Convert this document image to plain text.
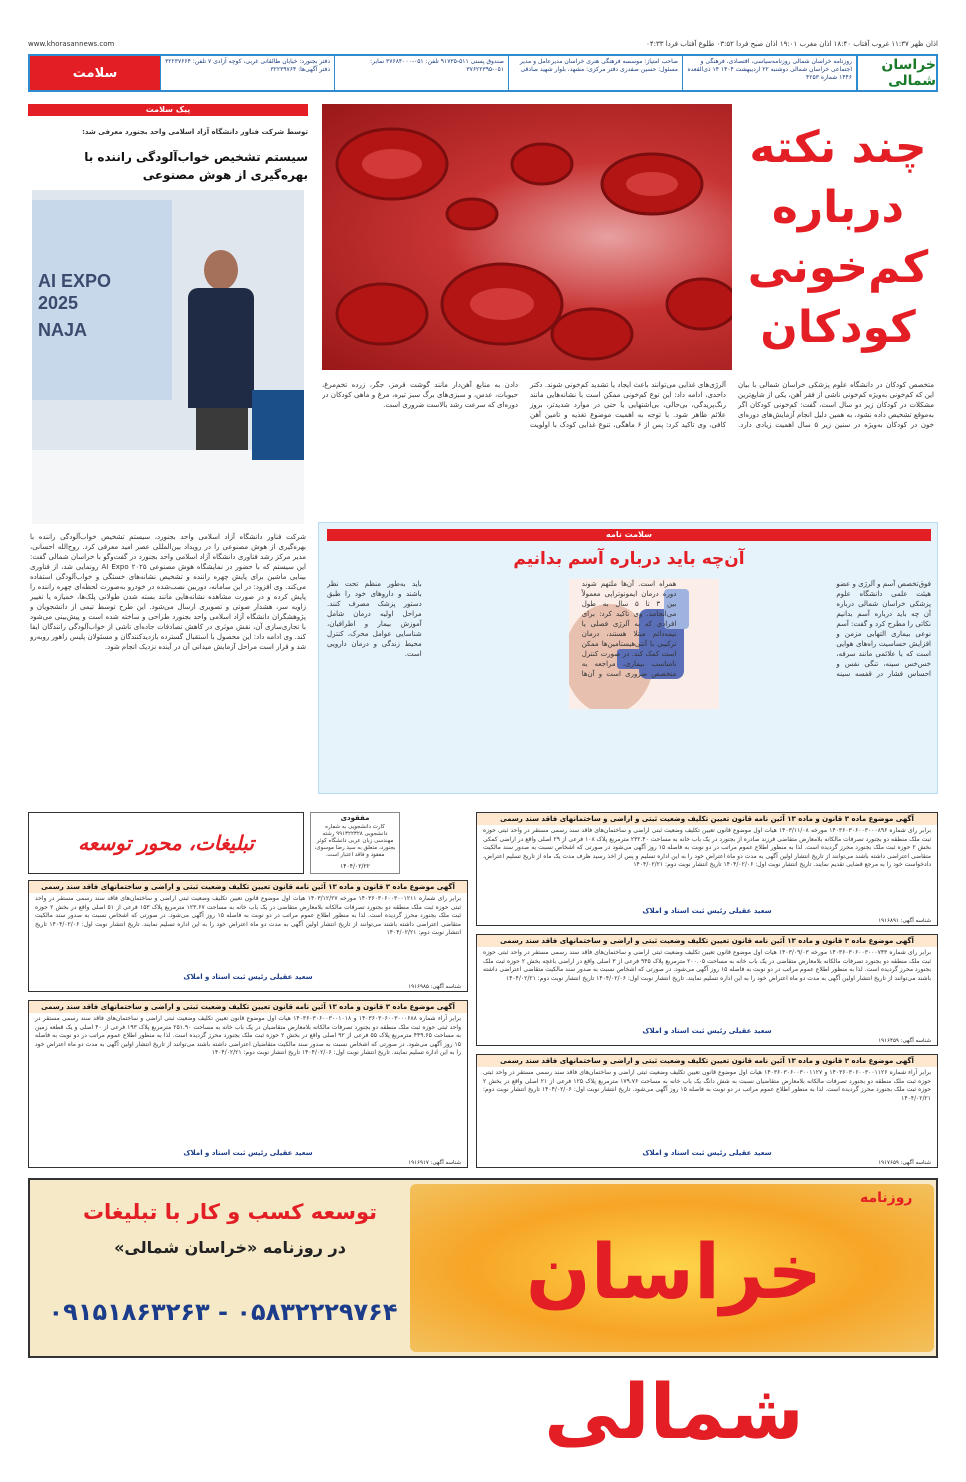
اذان ظهر ۱۱:۳۷ غروب آفتاب ۱۸:۴۰ اذان مغرب ۱۹:۰۱ اذان صبح فردا ۰۳:۵۲ طلوع آفتاب فردا ۰۴:۳۳
www.khorasannews.com
خراسان شمالی
روزنامه خراسان شمالی روزنامه‌سیاسی، اقتصادی، فرهنگی و اجتماعی خراسان شمالی دوشنبه ۲۲ اردیبهشت ۱۴۰۴ ۱۴ ذی‌القعده ۱۴۴۶ شماره ۴۲۵۳
صاحب امتیاز: موسسه فرهنگی هنری خراسان مدیرعامل و مدیر مسئول: حسین صفدری دفتر مرکزی: مشهد، بلوار شهید صادقی
صندوق پستی ۵۱۱-۹۱۷۳۵ تلفن: ۰۵۱-۳۷۶۸۴۰۰۰ نمابر: ۰۵۱-۳۷۶۲۲۳۹۵
دفتر بجنورد: خیابان طالقانی غربی، کوچه آزادی ۷ تلفن: ۳۲۲۳۷۶۶۴ دفتر آگهی‌ها: ۳۲۲۳۹۷۶۴
سلامت
چند نکته
درباره
کم‌خونی
کودکان
متخصص کودکان در دانشگاه علوم پزشکی خراسان شمالی با بیان این که کم‌خونی به‌ویژه کم‌خونی ناشی از فقر آهن، یکی از شایع‌ترین مشکلات در کودکان زیر دو سال است، گفت: کم‌خونی کودکان اگر به‌موقع تشخیص داده نشود، به همین دلیل انجام آزمایش‌های دوره‌ای خون در کودکان به‌ویژه در سنین زیر ۵ سال اهمیت زیادی دارد. آلرژی‌های غذایی می‌توانند باعث ایجاد یا تشدید کم‌خونی شوند. دکتر داحدی، ادامه داد: این نوع کم‌خونی ممکن است با نشانه‌هایی مانند رنگ‌پریدگی، بی‌حالی، بی‌اشتهایی یا حتی در موارد شدیدتر، بروز علائم ظاهر شود. با توجه به اهمیت موضوع تغذیه و تامین آهن کافی، وی تاکید کرد: پس از ۶ ماهگی، تنوع غذایی کودک با اولویت دادن به منابع آهن‌دار مانند گوشت قرمز، جگر، زرده تخم‌مرغ، حبوبات، عدس، و سبزی‌های برگ سبز تیره، مرغ و ماهی کودکان در دوره‌ای که سرعت رشد بالاست ضروری است.
سلامت نامه
آن‌چه باید درباره آسم بدانیم
فوق‌تخصص آسم و آلرژی و عضو هیئت علمی دانشگاه علوم پزشکی خراسان شمالی درباره آن چه باید درباره آسم بدانیم نکاتی را مطرح کرد و گفت: آسم نوعی بیماری التهابی مزمن و افزایش حساسیت راه‌های هوایی است که با علائمی مانند سرفه، خس‌خس سینه، تنگی نفس و احساس فشار در قفسه سینه همراه است. آن‌ها ملتهم شوند دوره درمان ایمونوتراپی معمولاً بین ۳ تا ۵ سال به طول می‌انجامد. وی تاکید کرد: برای افرادی که به آلرژی فصلی یا نیمه‌دائم مبتلا هستند، درمان ترکیبی با آنتی‌هیستامین‌ها ممکن است کمک کند. در صورت کنترل نامناسب بیماری، مراجعه به متخصص ضروری است و آن‌ها باید به‌طور منظم تحت نظر باشند و داروهای خود را طبق دستور پزشک مصرف کنند. مراحل اولیه درمان شامل آموزش بیمار و اطرافیان، شناسایی عوامل محرک، کنترل محیط زندگی و درمان دارویی است.
پیک سلامت
توسط شرکت فناور دانشگاه آزاد اسلامی واحد بجنورد معرفی شد:
سیستم تشخیص خواب‌آلودگی راننده با بهره‌گیری از هوش مصنوعی
AI EXPO 2025
NAJA
شرکت فناور دانشگاه آزاد اسلامی واحد بجنورد، سیستم تشخیص خواب‌آلودگی راننده با بهره‌گیری از هوش مصنوعی را در رویداد بین‌المللی عصر امید معرفی کرد. روح‌الله احسانی، مدیر مرکز رشد فناوری دانشگاه آزاد اسلامی واحد بجنورد در گفت‌وگو با خراسان شمالی گفت: این سیستم که با حضور در نمایشگاه هوش مصنوعی AI Expo ۲۰۲۵ رونمایی شد، از فناوری بینایی ماشین برای پایش چهره راننده و تشخیص نشانه‌های خستگی و خواب‌آلودگی استفاده می‌کند. وی افزود: در این سامانه، دوربین نصب‌شده در خودرو به‌صورت لحظه‌ای چهره راننده را پایش کرده و در صورت مشاهده نشانه‌هایی مانند بسته شدن طولانی پلک‌ها، خمیازه یا تغییر زاویه سر، هشدار صوتی و تصویری ارسال می‌شود. این طرح توسط تیمی از دانشجویان و پژوهشگران دانشگاه آزاد اسلامی واحد بجنورد طراحی و ساخته شده است و پیش‌بینی می‌شود با تجاری‌سازی آن، نقش موثری در کاهش تصادفات جاده‌ای ناشی از خواب‌آلودگی رانندگان ایفا کند. وی ادامه داد: این محصول با استقبال گسترده بازدیدکنندگان و مسئولان پلیس راهور روبه‌رو شد و قرار است مراحل آزمایش میدانی آن در آینده نزدیک انجام شود.
مفقودی
کارت دانشجویی به شماره دانشجویی ۹۹۱۳۲۲۳۲۸ رشته مهندسی زبان عربی دانشگاه کوثر بجنورد، متعلق به سید رضا موسوی، مفقود و فاقد اعتبار است.
۱۴۰۴/۰۲/۲۲
تبلیغات، محور توسعه
آگهی موضوع ماده ۳ قانون و ماده ۱۳ آئین نامه قانون تعیین تکلیف وضعیت ثبتی و اراضی و ساختمانهای فاقد سند رسمی
برابر رای شماره ۱۴۰۳۶۰۳۰۶۰۰۳۰۰۰۸۹۶ مورخه ۱۴۰۳/۱۱/۰۸ هیات اول موضوع قانون تعیین تکلیف وضعیت ثبتی اراضی و ساختمان‌های فاقد سند رسمی مستقر در واحد ثبتی حوزه ثبت ملک منطقه دو بجنورد تصرفات مالکانه بلامعارض متقاضی فرزند صادره از بجنورد در یک باب خانه به مساحت ۲۳۲.۴۰ مترمربع پلاک ۱۰۸ فرعی از ۲۹ اصلی واقع در اراضی کمکی بخش ۲ حوزه ثبت ملک بجنورد محرز گردیده است. لذا به منظور اطلاع عموم مراتب در دو نوبت به فاصله ۱۵ روز آگهی می‌شود در صورتی که اشخاص نسبت به صدور سند مالکیت متقاضی اعتراضی داشته باشند می‌توانند از تاریخ انتشار اولین آگهی به مدت دو ماه اعتراض خود را به این اداره تسلیم و پس از اخذ رسید ظرف مدت یک ماه از تاریخ تسلیم اعتراض، دادخواست خود را به مرجع قضایی تقدیم نمایند. تاریخ انتشار نوبت اول: ۱۴۰۴/۰۲/۰۶ تاریخ انتشار نوبت دوم: ۱۴۰۴/۰۲/۲۱
سعید عقیلی رئیس ثبت اسناد و املاک
شناسه آگهی: ۱۹۱۶۸۹۱
آگهی موضوع ماده ۳ قانون و ماده ۱۳ آئین نامه قانون تعیین تکلیف وضعیت ثبتی و اراضی و ساختمانهای فاقد سند رسمی
برابر رای شماره ۱۴۰۳۶۰۳۰۶۰۰۳۰۰۰۷۴۳ مورخه ۱۴۰۳/۰۹/۰۳ هیات اول موضوع قانون تعیین تکلیف وضعیت ثبتی اراضی و ساختمان‌های فاقد سند رسمی مستقر در واحد ثبتی حوزه ثبت ملک منطقه دو بجنورد تصرفات مالکانه بلامعارض متقاضی در یک باب خانه به مساحت ۲۰۰.۰۵ مترمربع پلاک ۹۴۵ فرعی از ۳ اصلی واقع در اراضی باغچه بخش ۲ حوزه ثبت ملک بجنورد محرز گردیده است. لذا به منظور اطلاع عموم مراتب در دو نوبت به فاصله ۱۵ روز آگهی می‌شود. در صورتی که اشخاص نسبت به صدور سند مالکیت متقاضی اعتراضی داشته باشند می‌توانند از تاریخ انتشار اولین آگهی به مدت دو ماه اعتراض خود را به این اداره تسلیم نمایند. تاریخ انتشار نوبت اول: ۱۴۰۴/۰۲/۰۶ تاریخ انتشار نوبت دوم: ۱۴۰۴/۰۲/۲۱
سعید عقیلی رئیس ثبت اسناد و املاک
شناسه آگهی: ۱۹۱۶۴۵۹
آگهی موضوع ماده ۳ قانون و ماده ۱۳ آئین نامه قانون تعیین تکلیف وضعیت ثبتی و اراضی و ساختمانهای فاقد سند رسمی
برابر آراء شماره ۱۴۰۳۶۰۳۰۶۰۰۳۰۰۱۱۲۶ و ۱۴۰۳۶۰۳۰۶۰۰۳۰۰۱۱۲۷ هیات اول موضوع قانون تعیین تکلیف وضعیت ثبتی اراضی و ساختمان‌های فاقد سند رسمی مستقر در واحد ثبتی حوزه ثبت ملک منطقه دو بجنورد تصرفات مالکانه بلامعارض متقاضیان نسبت به شش دانگ یک باب خانه به مساحت ۱۷۹.۷۶ مترمربع پلاک ۱۲۵ فرعی از ۲۱ اصلی واقع در بخش ۲ حوزه ثبت ملک بجنورد محرز گردیده است. لذا به منظور اطلاع عموم مراتب در دو نوبت به فاصله ۱۵ روز آگهی می‌شود. تاریخ انتشار نوبت اول: ۱۴۰۴/۰۲/۰۶ تاریخ انتشار نوبت دوم: ۱۴۰۴/۰۲/۲۱
سعید عقیلی رئیس ثبت اسناد و املاک
شناسه آگهی: ۱۹۱۷۶۵۹
آگهی موضوع ماده ۳ قانون و ماده ۱۳ آئین نامه قانون تعیین تکلیف وضعیت ثبتی و اراضی و ساختمانهای فاقد سند رسمی
برابر رای شماره ۱۴۰۳۶۰۳۰۶۰۰۳۰۰۱۲۱۱ مورخه ۱۴۰۳/۱۲/۲۷ هیات اول موضوع قانون تعیین تکلیف وضعیت ثبتی اراضی و ساختمان‌های فاقد سند رسمی مستقر در واحد ثبتی حوزه ثبت ملک منطقه دو بجنورد تصرفات مالکانه بلامعارض متقاضی در یک باب خانه به مساحت ۱۲۳.۶۷ مترمربع پلاک ۱۵۳ فرعی از ۵۱ اصلی واقع در بخش ۲ حوزه ثبت ملک بجنورد محرز گردیده است. لذا به منظور اطلاع عموم مراتب در دو نوبت به فاصله ۱۵ روز آگهی می‌شود. در صورتی که اشخاص نسبت به صدور سند مالکیت متقاضی اعتراضی داشته باشند می‌توانند از تاریخ انتشار اولین آگهی به مدت دو ماه اعتراض خود را به این اداره تسلیم نمایند. تاریخ انتشار نوبت اول: ۱۴۰۴/۰۲/۰۶ تاریخ انتشار نوبت دوم: ۱۴۰۴/۰۲/۲۱
سعید عقیلی رئیس ثبت اسناد و املاک
شناسه آگهی: ۱۹۱۶۹۸۵
آگهی موضوع ماده ۳ قانون و ماده ۱۳ آئین نامه قانون تعیین تکلیف وضعیت ثبتی و اراضی و ساختمانهای فاقد سند رسمی
برابر آراء شماره ۱۴۰۳۶۰۳۰۶۰۰۳۰۰۰۶۸۸ و ۱۴۰۳۶۰۳۰۶۰۰۳۰۰۱۰۱۸ هیات اول موضوع قانون تعیین تکلیف وضعیت ثبتی اراضی و ساختمان‌های فاقد سند رسمی مستقر در واحد ثبتی حوزه ثبت ملک منطقه دو بجنورد تصرفات مالکانه بلامعارض متقاضیان در یک باب خانه به مساحت ۲۵۱.۹۰ مترمربع پلاک ۱۹۳ فرعی از ۴۰ اصلی و یک قطعه زمین به مساحت ۴۴۹.۶۵ مترمربع پلاک ۵۵ فرعی از ۹۲ اصلی واقع در بخش ۲ حوزه ثبت ملک بجنورد محرز گردیده است. لذا به منظور اطلاع عموم مراتب در دو نوبت به فاصله ۱۵ روز آگهی می‌شود. در صورتی که اشخاص نسبت به صدور سند مالکیت متقاضیان اعتراضی داشته باشند می‌توانند از تاریخ انتشار اولین آگهی به مدت دو ماه اعتراض خود را به این اداره تسلیم نمایند. تاریخ انتشار نوبت اول: ۱۴۰۴/۰۲/۰۶ تاریخ انتشار نوبت دوم: ۱۴۰۴/۰۲/۲۱
سعید عقیلی رئیس ثبت اسناد و املاک
شناسه آگهی: ۱۹۱۶۹۱۷
روزنامه
خراسان شمالی
توسعه کسب و کار با تبلیغات
در روزنامه «خراسان شمالی»
۰۵۸۳۲۲۲۹۷۶۴ - ۰۹۱۵۱۸۶۳۲۶۳
